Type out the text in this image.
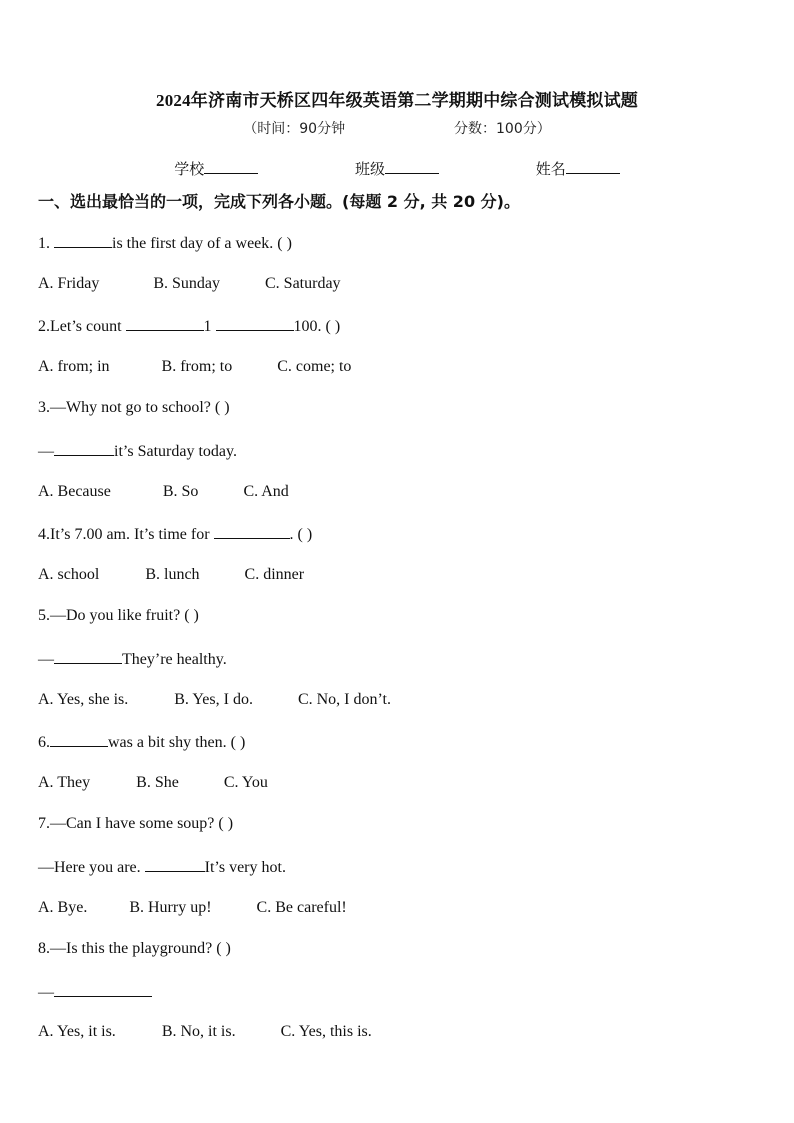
2024年济南市天桥区四年级英语第二学期期中综合测试模拟试题
（时间：90分钟	分数：100分）
学校	班级	姓名
一、选出最恰当的一项，完成下列各小题。(每题 2 分, 共 20 分)。
1.	is the first day of a week. ( )
A. Friday	B. Sunday	C. Saturday
2.Let’s count	1	100. ( )
A. from; in	B. from; to	C. come; to
3.—Why not go to school? ( )
—	it’s Saturday today.
A. Because	B. So	C. And
4.It’s 7.00 am. It’s time for	. ( )
A. school	B. lunch	C. dinner
5.—Do you like fruit? ( )
—	They’re healthy.
A. Yes, she is.	B. Yes, I do.	C. No, I don’t.
6.	was a bit shy then. ( )
A. They	B. She	C. You
7.—Can I have some soup? ( )
—Here you are.	It’s very hot.
A. Bye.	B. Hurry up!	C. Be careful!
8.—Is this the playground? ( )
—
A. Yes, it is.	B. No, it is.	C. Yes, this is.
